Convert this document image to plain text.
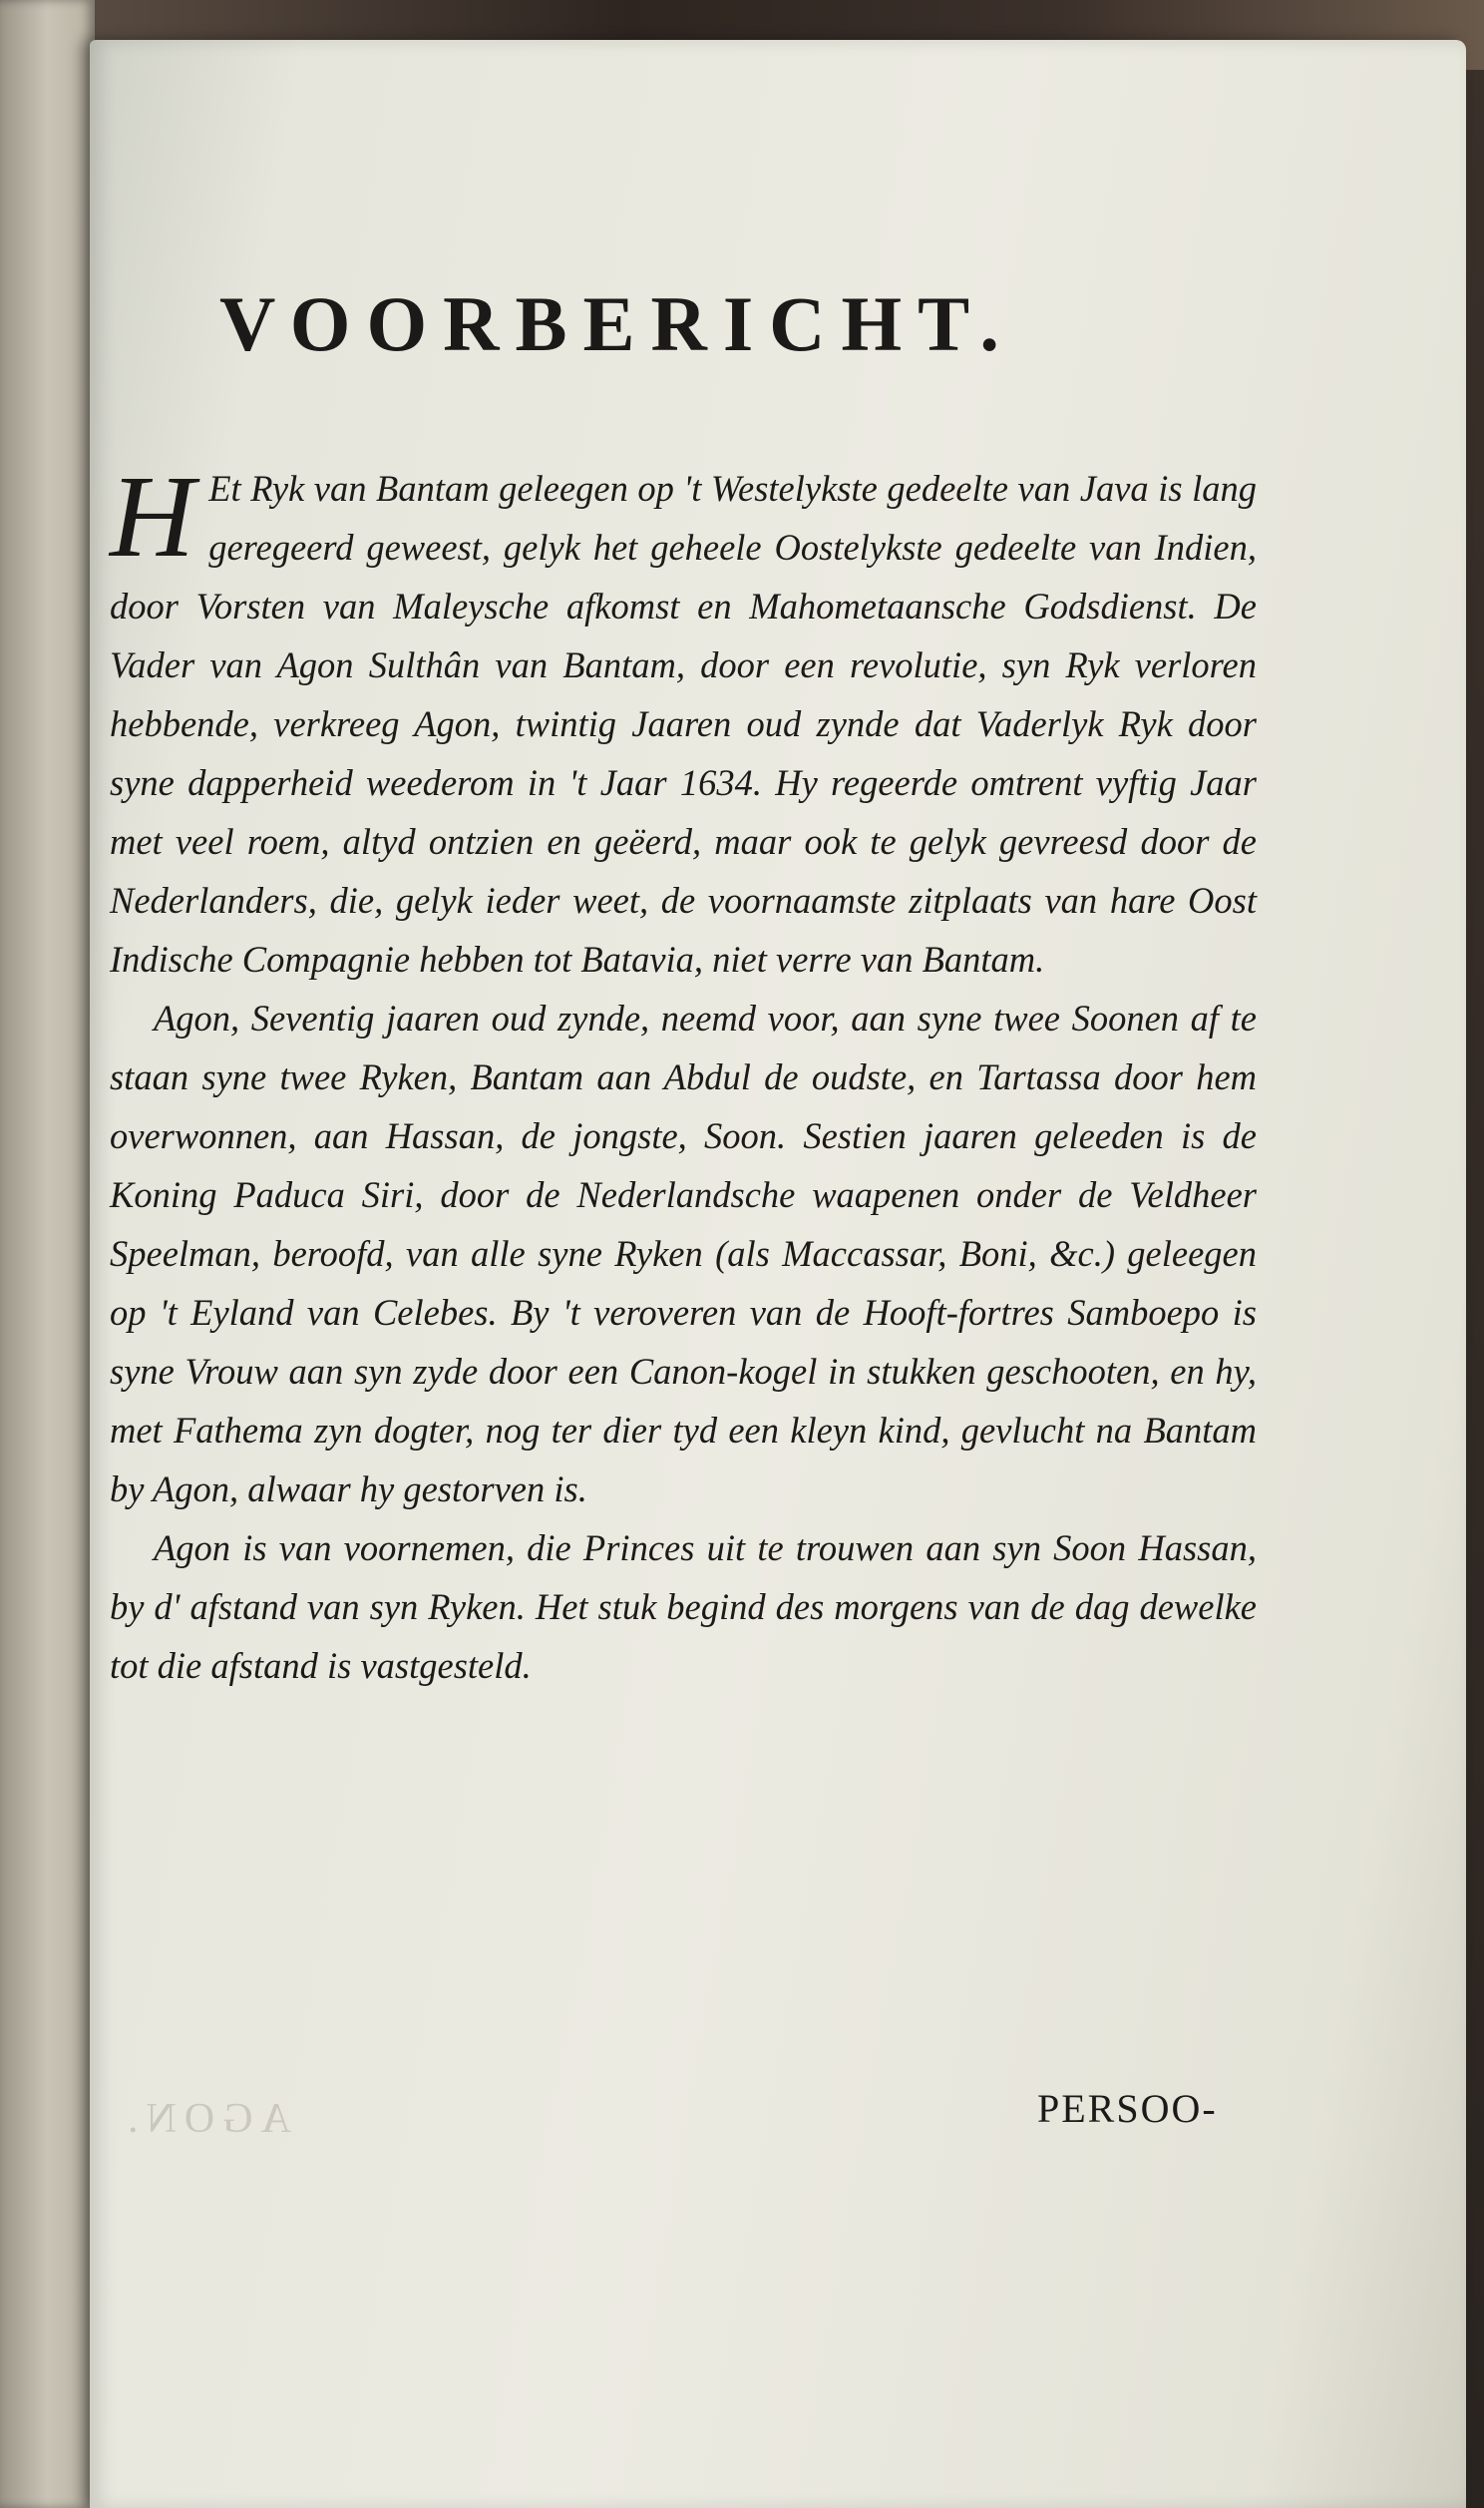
AGON.
VOORBERICHT.

H Et Ryk van Bantam geleegen op 't Westelykste gedeelte van Java is lang geregeerd geweest, gelyk het geheele Oostelykste gedeelte van Indien, door Vorsten van Maleysche afkomst en Mahometaansche Godsdienst. De Vader van Agon Sulthân van Bantam, door een revolutie, syn Ryk verloren hebbende, verkreeg Agon, twintig Jaaren oud zynde dat Vaderlyk Ryk door syne dapperheid weederom in 't Jaar 1634. Hy regeerde omtrent vyftig Jaar met veel roem, altyd ontzien en geëerd, maar ook te gelyk gevreesd door de Nederlanders, die, gelyk ieder weet, de voornaamste zitplaats van hare Oost Indische Compagnie hebben tot Batavia, niet verre van Bantam.

Agon, Seventig jaaren oud zynde, neemd voor, aan syne twee Soonen af te staan syne twee Ryken, Bantam aan Abdul de oudste, en Tartassa door hem overwonnen, aan Hassan, de jongste, Soon. Sestien jaaren geleeden is de Koning Paduca Siri, door de Nederlandsche waapenen onder de Veldheer Speelman, beroofd, van alle syne Ryken (als Maccassar, Boni, &c.) geleegen op 't Eyland van Celebes. By 't veroveren van de Hooft-fortres Samboepo is syne Vrouw aan syn zyde door een Canon-kogel in stukken geschooten, en hy, met Fathema zyn dogter, nog ter dier tyd een kleyn kind, gevlucht na Bantam by Agon, alwaar hy gestorven is.

Agon is van voornemen, die Princes uit te trouwen aan syn Soon Hassan, by d' afstand van syn Ryken. Het stuk begind des morgens van de dag dewelke tot die afstand is vastgesteld.

PERSOO-
